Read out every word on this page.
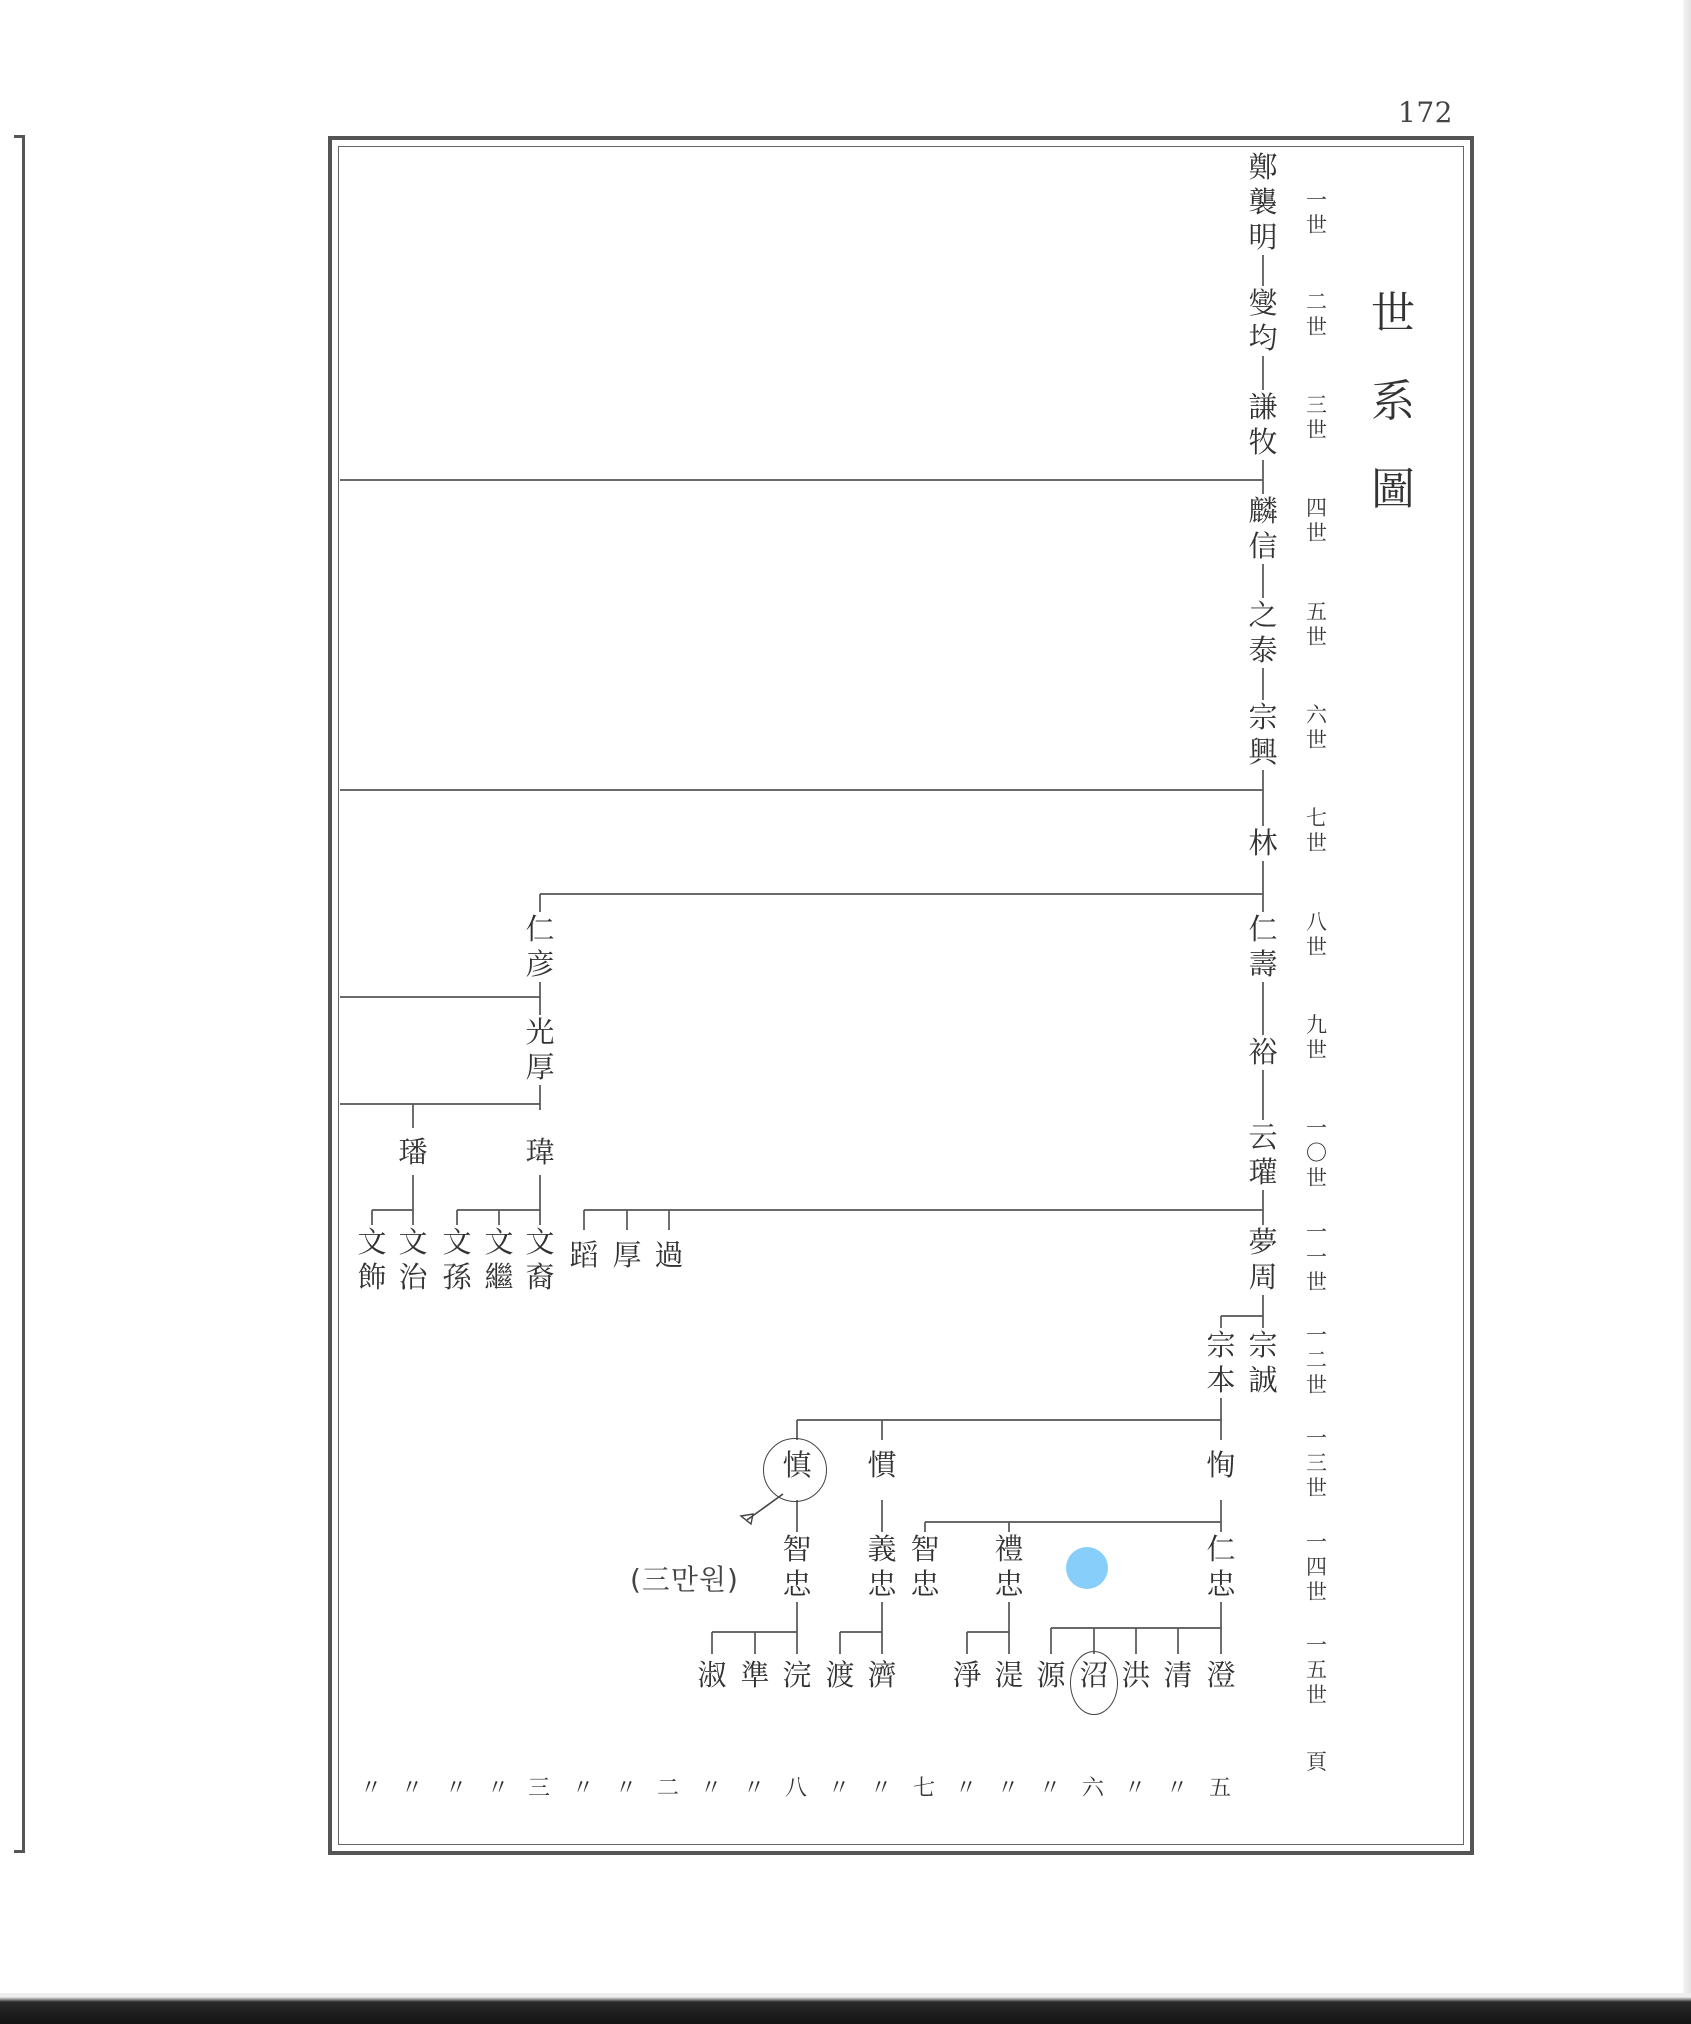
172
世
系
圖
一
世
二
世
三
世
四
世
五
世
六
世
七
世
八
世
九
世
一
〇
世
一
一
世
一
二
世
一
三
世
一
四
世
一
五
世
頁
鄭
襲
明
燮
均
謙
牧
麟
信
之
泰
宗
興
林
仁
壽
裕
云
瓘
夢
周
宗
誠
仁
彦
光
厚
璠	瑋
文
飾
文
治
文
孫
文
繼
文
裔
蹈 厚 過
宗
本
慎 慣	恂
智
忠
義
忠
智
忠
禮
忠
仁
忠
淑 準 浣 渡 濟 淨 湜 源 沼 洪 清 澄
〃 〃 〃 〃 三 〃 〃 二 〃 〃 八 〃 〃 七 〃 〃 〃 六 〃 〃 五
(三만원)
